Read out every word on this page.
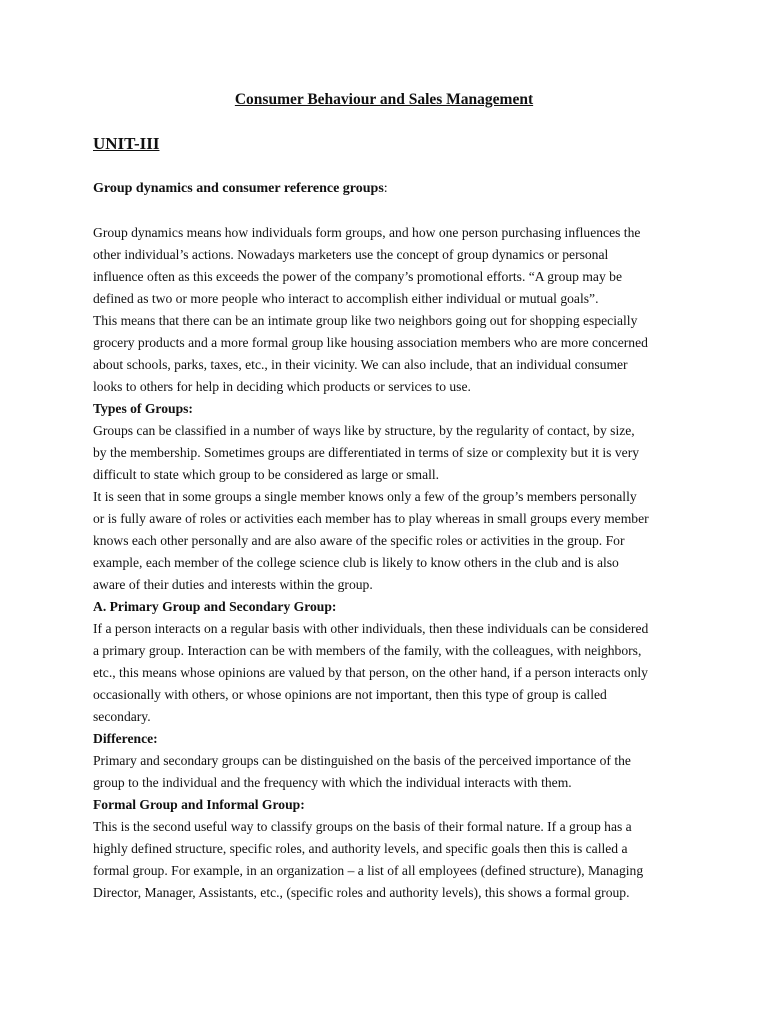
Consumer Behaviour and Sales Management
UNIT-III

Group dynamics and consumer reference groups:

Group dynamics means how individuals form groups, and how one person purchasing influences the
other individual’s actions. Nowadays marketers use the concept of group dynamics or personal
influence often as this exceeds the power of the company’s promotional efforts. “A group may be
defined as two or more people who interact to accomplish either individual or mutual goals”.
This means that there can be an intimate group like two neighbors going out for shopping especially
grocery products and a more formal group like housing association members who are more concerned
about schools, parks, taxes, etc., in their vicinity. We can also include, that an individual consumer
looks to others for help in deciding which products or services to use.
Types of Groups:
Groups can be classified in a number of ways like by structure, by the regularity of contact, by size,
by the membership. Sometimes groups are differentiated in terms of size or complexity but it is very
difficult to state which group to be considered as large or small.
It is seen that in some groups a single member knows only a few of the group’s members personally
or is fully aware of roles or activities each member has to play whereas in small groups every member
knows each other personally and are also aware of the specific roles or activities in the group. For
example, each member of the college science club is likely to know others in the club and is also
aware of their duties and interests within the group.
A. Primary Group and Secondary Group:
If a person interacts on a regular basis with other individuals, then these individuals can be considered
a primary group. Interaction can be with members of the family, with the colleagues, with neighbors,
etc., this means whose opinions are valued by that person, on the other hand, if a person interacts only
occasionally with others, or whose opinions are not important, then this type of group is called
secondary.
Difference:
Primary and secondary groups can be distinguished on the basis of the perceived importance of the
group to the individual and the frequency with which the individual interacts with them.
Formal Group and Informal Group:
This is the second useful way to classify groups on the basis of their formal nature. If a group has a
highly defined structure, specific roles, and authority levels, and specific goals then this is called a
formal group. For example, in an organization – a list of all employees (defined structure), Managing
Director, Manager, Assistants, etc., (specific roles and authority levels), this shows a formal group.
